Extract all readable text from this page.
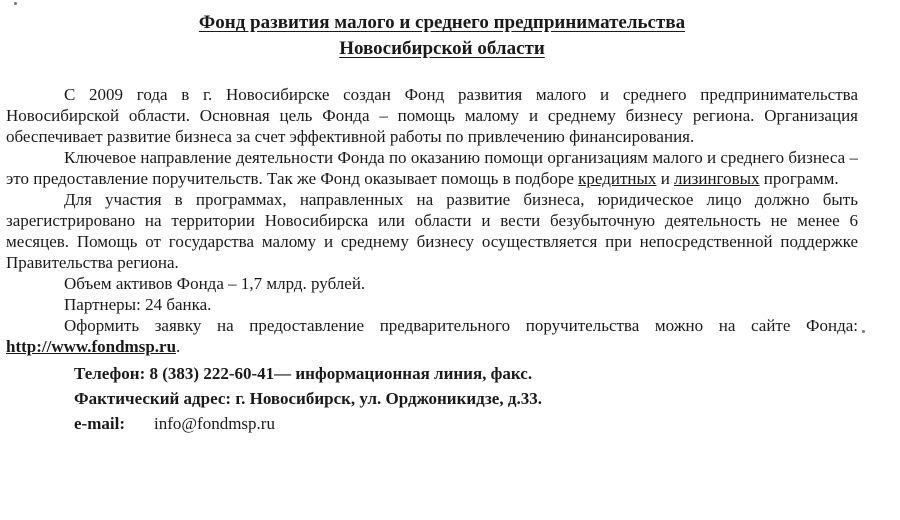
Фонд развития малого и среднего предпринимательства
Новосибирской области

С 2009 года в г. Новосибирске создан Фонд развития малого и среднего предпринимательства Новосибирской области. Основная цель Фонда – помощь малому и среднему бизнесу региона. Организация обеспечивает развитие бизнеса за счет эффективной работы по привлечению финансирования.

Ключевое направление деятельности Фонда по оказанию помощи организациям малого и среднего бизнеса – это предоставление поручительств. Так же Фонд оказывает помощь в подборе кредитных и лизинговых программ.

Для участия в программах, направленных на развитие бизнеса, юридическое лицо должно быть зарегистрировано на территории Новосибирска или области и вести безубыточную деятельность не менее 6 месяцев. Помощь от государства малому и среднему бизнесу осуществляется при непосредственной поддержке Правительства региона.

Объем активов Фонда – 1,7 млрд. рублей.

Партнеры: 24 банка.

Оформить заявку на предоставление предварительного поручительства можно на сайте Фонда: http://www.fondmsp.ru.

Телефон: 8 (383) 222-60-41— информационная линия, факс.

Фактический адрес: г. Новосибирск, ул. Орджоникидзе, д.33.

e-mail: info@fondmsp.ru
